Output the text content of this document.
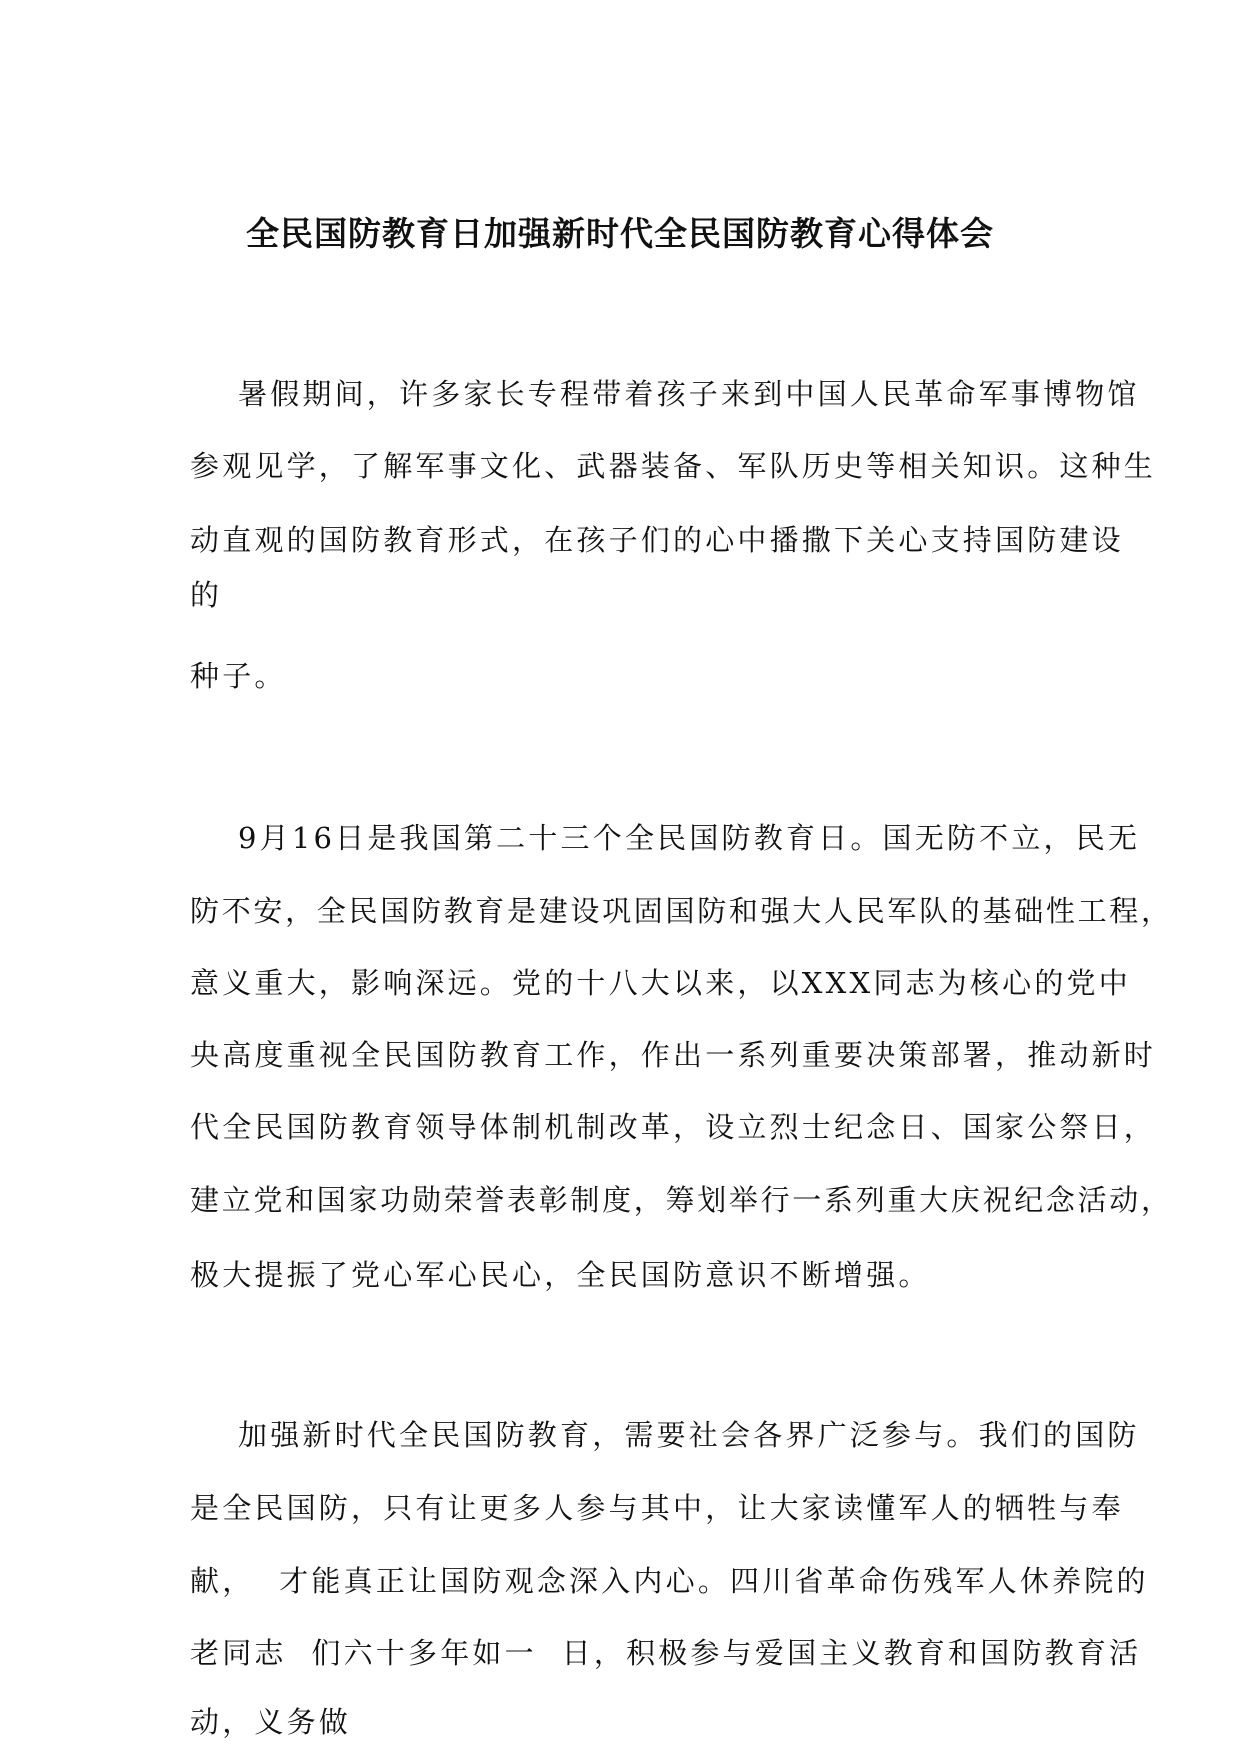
全民国防教育日加强新时代全民国防教育心得体会

暑假期间，许多家长专程带着孩子来到中国人民革命军事博物馆

参观见学，了解军事文化、武器装备、军队历史等相关知识。这种生

动直观的国防教育形式，在孩子们的心中播撒下关心支持国防建设

的

种子。

9月16日是我国第二十三个全民国防教育日。国无防不立，民无

防不安，全民国防教育是建设巩固国防和强大人民军队的基础性工程，

意义重大，影响深远。党的十八大以来，以XXX同志为核心的党中

央高度重视全民国防教育工作，作出一系列重要决策部署，推动新时

代全民国防教育领导体制机制改革，设立烈士纪念日、国家公祭日，

建立党和国家功勋荣誉表彰制度，筹划举行一系列重大庆祝纪念活动，

极大提振了党心军心民心，全民国防意识不断增强。

加强新时代全民国防教育，需要社会各界广泛参与。我们的国防

是全民国防，只有让更多人参与其中，让大家读懂军人的牺牲与奉

献，  才能真正让国防观念深入内心。四川省革命伤残军人休养院的

老同志  们六十多年如一  日，积极参与爱国主义教育和国防教育活

动，义务做
